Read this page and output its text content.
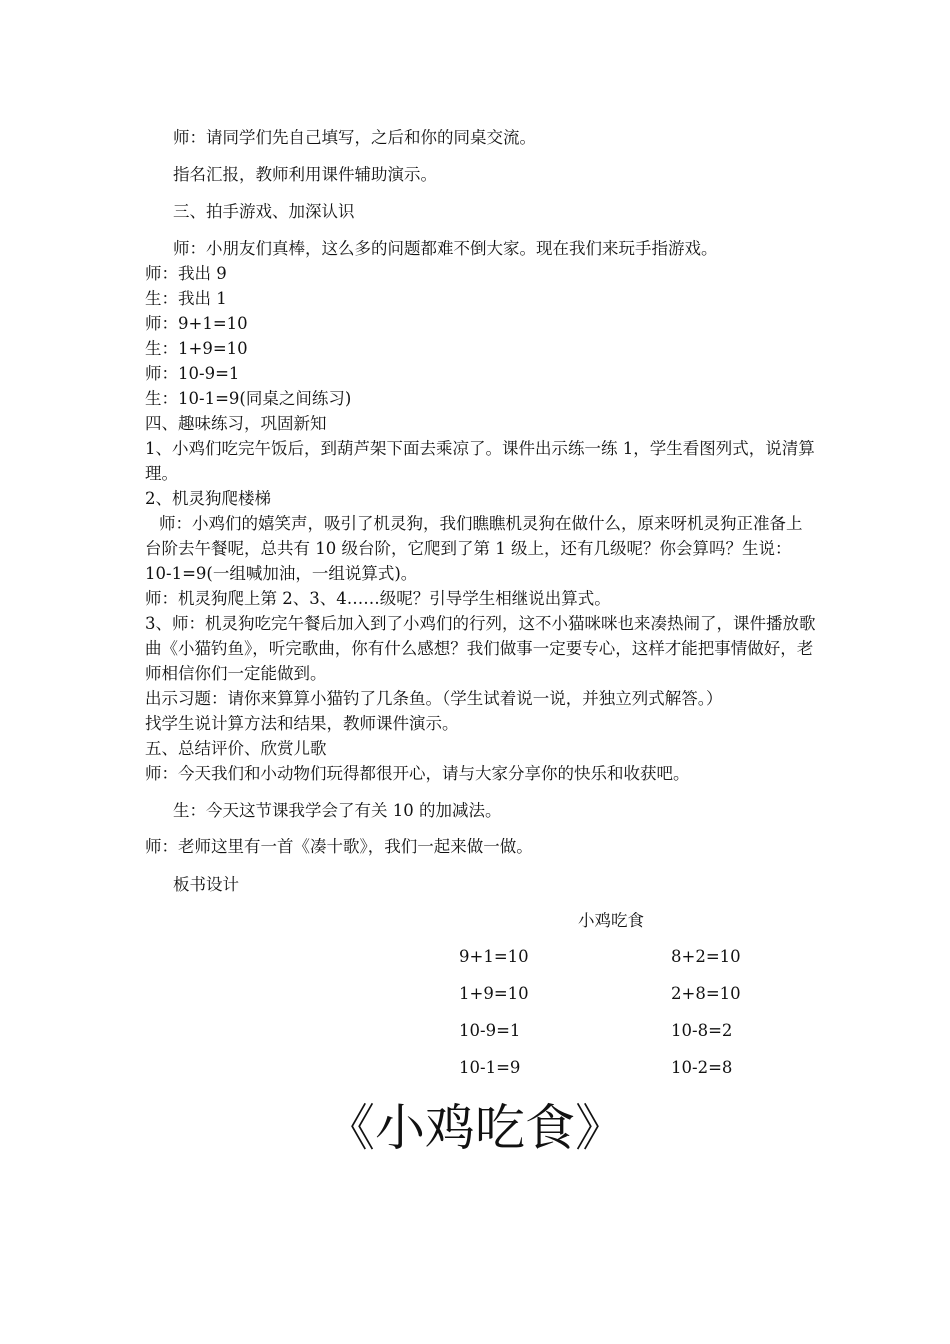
师：请同学们先自己填写，之后和你的同桌交流。
指名汇报，教师利用课件辅助演示。
三、拍手游戏、加深认识
师：小朋友们真棒，这么多的问题都难不倒大家。现在我们来玩手指游戏。
师：我出 9
生：我出 1
师：9+1=10
生：1+9=10
师：10-9=1
生：10-1=9(同桌之间练习)
四、趣味练习，巩固新知
1、小鸡们吃完午饭后，到葫芦架下面去乘凉了。课件出示练一练 1，学生看图列式，说清算理。
2、机灵狗爬楼梯
师：小鸡们的嬉笑声，吸引了机灵狗，我们瞧瞧机灵狗在做什么，原来呀机灵狗正准备上台阶去午餐呢，总共有 10 级台阶，它爬到了第 1 级上，还有几级呢？你会算吗？生说：10-1=9(一组喊加油，一组说算式)。
师：机灵狗爬上第 2、3、4……级呢？引导学生相继说出算式。
3、师：机灵狗吃完午餐后加入到了小鸡们的行列，这不小猫咪咪也来凑热闹了，课件播放歌曲《小猫钓鱼》，听完歌曲，你有什么感想？我们做事一定要专心，这样才能把事情做好，老师相信你们一定能做到。
出示习题：请你来算算小猫钓了几条鱼。（学生试着说一说，并独立列式解答。）
找学生说计算方法和结果，教师课件演示。
五、总结评价、欣赏儿歌
师：今天我们和小动物们玩得都很开心，请与大家分享你的快乐和收获吧。
生：今天这节课我学会了有关 10 的加减法。
师：老师这里有一首《凑十歌》，我们一起来做一做。
板书设计
小鸡吃食
9+1=10	8+2=10
1+9=10	2+8=10
10-9=1	10-8=2
10-1=9	10-2=8
《小鸡吃食》
